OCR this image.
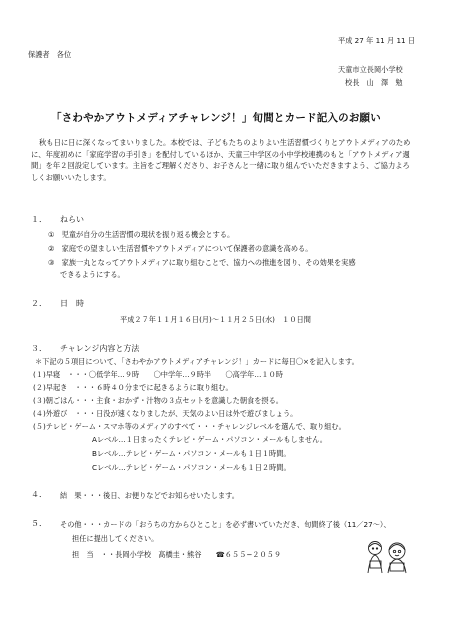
平成 27 年 11 月 11 日
保護者　各位
天童市立長岡小学校
校長　山　澤　勉
「さわやかアウトメディアチャレンジ！」旬間とカード記入のお願い
秋も日に日に深くなってまいりました。本校では、子どもたちのよりよい生活習慣づくりとアウトメディアのために、年度初めに「家庭学習の手引き」を配付しているほか、天童三中学区の小中学校連携のもと「アウトメディア週間」を年２回設定しています。主旨をご理解くださり、お子さんと一緒に取り組んでいただきますよう、ご協力よろしくお願いいたします。
１． ねらい
①　児童が自分の生活習慣の現状を振り返る機会とする。
②　家庭での望ましい生活習慣やアウトメディアについて保護者の意識を高める。
③　家族一丸となってアウトメディアに取り組むことで、協力への推進を図り、その効果を実感
できるようにする。
２． 日　時
平成２７年１１月１６日(月)〜１１月２５日(水)　１０日間
３． チャレンジ内容と方法
＊下記の５項目について、「さわやかアウトメディアチャレンジ！」カードに毎日〇×を記入します。
(１)早寝　・・・〇低学年…９時　　〇中学年…９時半　　〇高学年…１０時
(２)早起き　・・・６時４０分までに起きるように取り組む。
(３)朝ごはん・・・主食・おかず・汁物の３点セットを意識した朝食を摂る。
(４)外遊び　・・・日没が速くなりましたが、天気のよい日は外で遊びましょう。
(５)テレビ・ゲーム・スマホ等のメディアのすべて・・・チャレンジレベルを選んで、取り組む。
Aレベル…１日まったくテレビ・ゲーム・パソコン・メールもしません。
Bレベル…テレビ・ゲーム・パソコン・メールも１日１時間。
Cレベル…テレビ・ゲーム・パソコン・メールも１日２時間。
４． 結　果・・・後日、お便りなどでお知らせいたします。
５． その他・・・カードの「おうちの方からひとこと」を必ず書いていただき、旬間終了後（11／27〜）、
担任に提出してください。
担　当　・・長岡小学校　髙橋圭・熊谷　　☎６５５−２０５９
